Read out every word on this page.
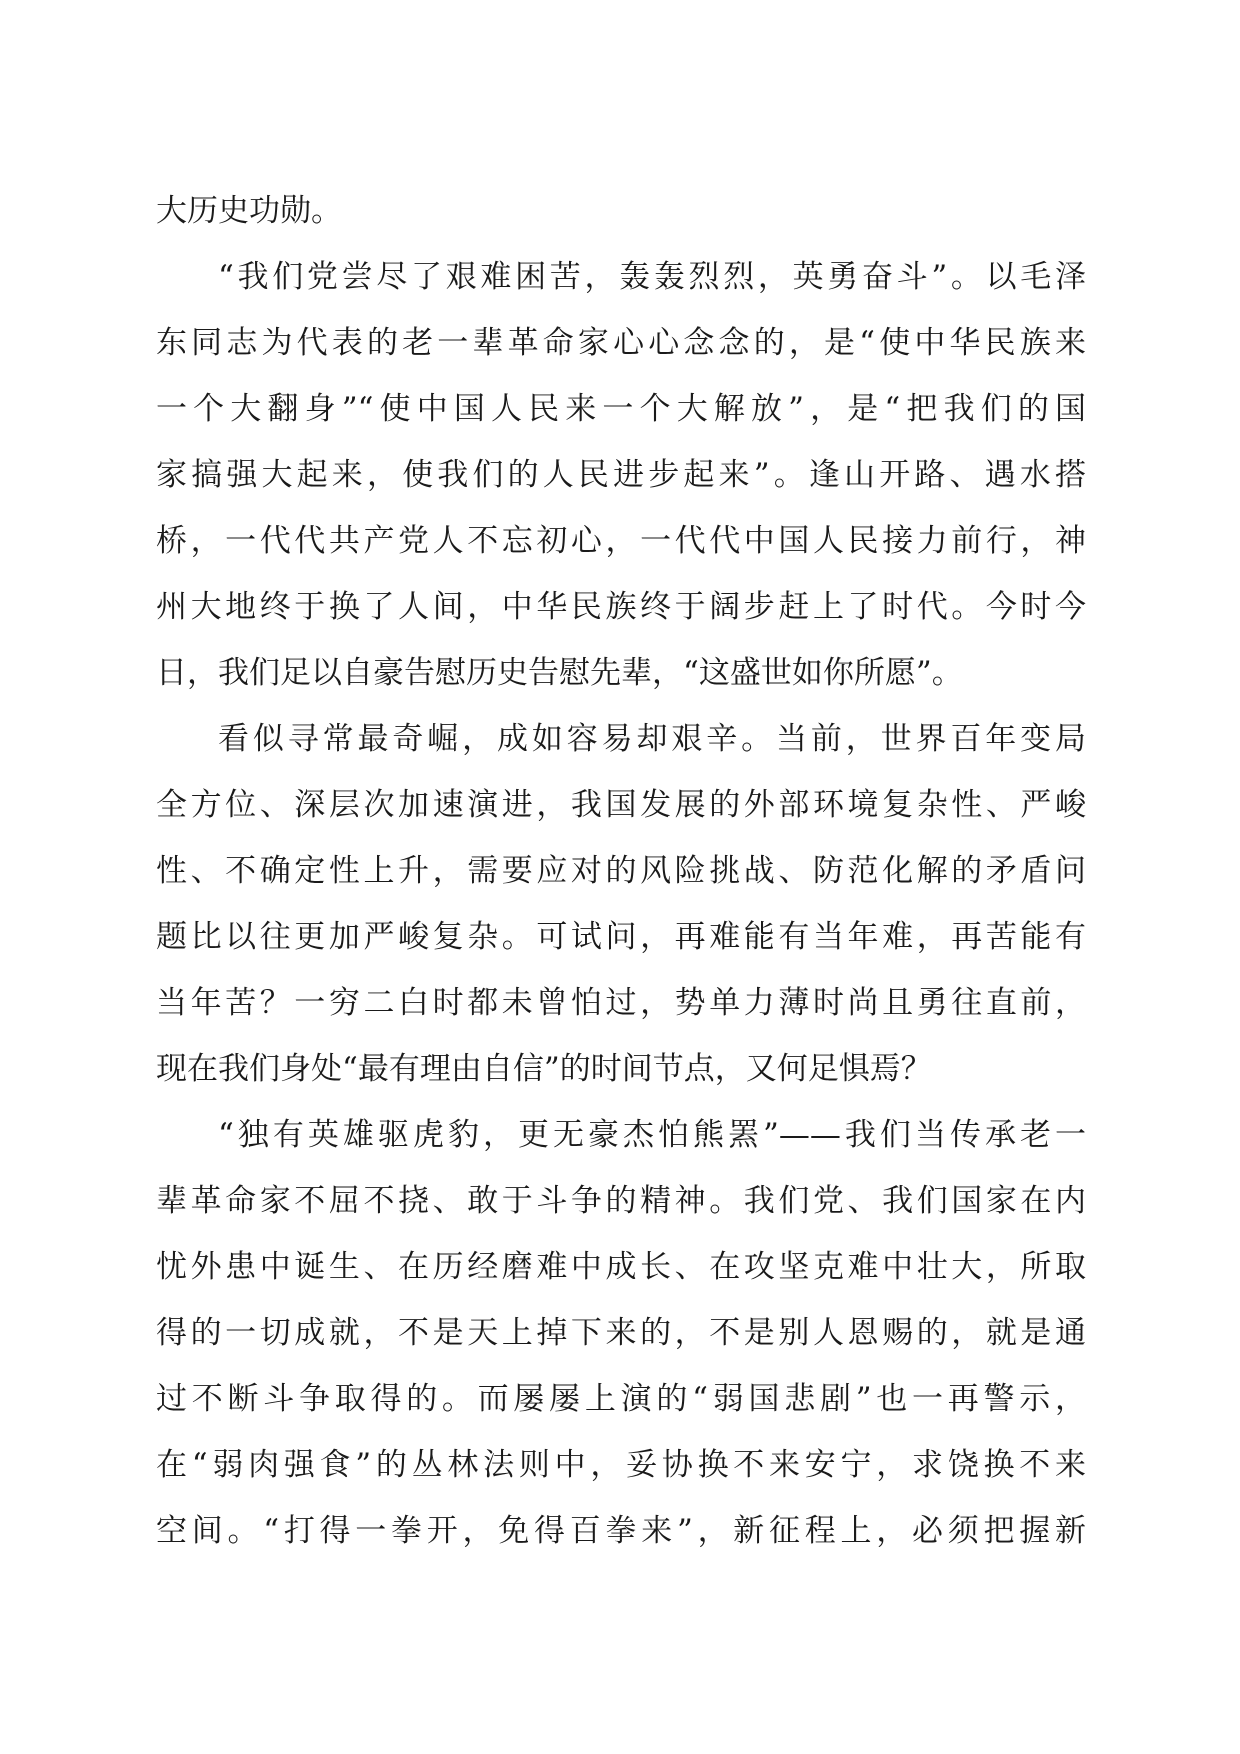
大历史功勋。
“我们党尝尽了艰难困苦，轰轰烈烈，英勇奋斗”。以毛泽
东同志为代表的老一辈革命家心心念念的，是“使中华民族来
一个大翻身”“使中国人民来一个大解放”，是“把我们的国
家搞强大起来，使我们的人民进步起来”。逢山开路、遇水搭
桥，一代代共产党人不忘初心，一代代中国人民接力前行，神
州大地终于换了人间，中华民族终于阔步赶上了时代。今时今
日，我们足以自豪告慰历史告慰先辈，“这盛世如你所愿”。
看似寻常最奇崛，成如容易却艰辛。当前，世界百年变局
全方位、深层次加速演进，我国发展的外部环境复杂性、严峻
性、不确定性上升，需要应对的风险挑战、防范化解的矛盾问
题比以往更加严峻复杂。可试问，再难能有当年难，再苦能有
当年苦？一穷二白时都未曾怕过，势单力薄时尚且勇往直前，
现在我们身处“最有理由自信”的时间节点，又何足惧焉？
“独有英雄驱虎豹，更无豪杰怕熊罴”——我们当传承老一
辈革命家不屈不挠、敢于斗争的精神。我们党、我们国家在内
忧外患中诞生、在历经磨难中成长、在攻坚克难中壮大，所取
得的一切成就，不是天上掉下来的，不是别人恩赐的，就是通
过不断斗争取得的。而屡屡上演的“弱国悲剧”也一再警示，
在“弱肉强食”的丛林法则中，妥协换不来安宁，求饶换不来
空间。“打得一拳开，免得百拳来”，新征程上，必须把握新
